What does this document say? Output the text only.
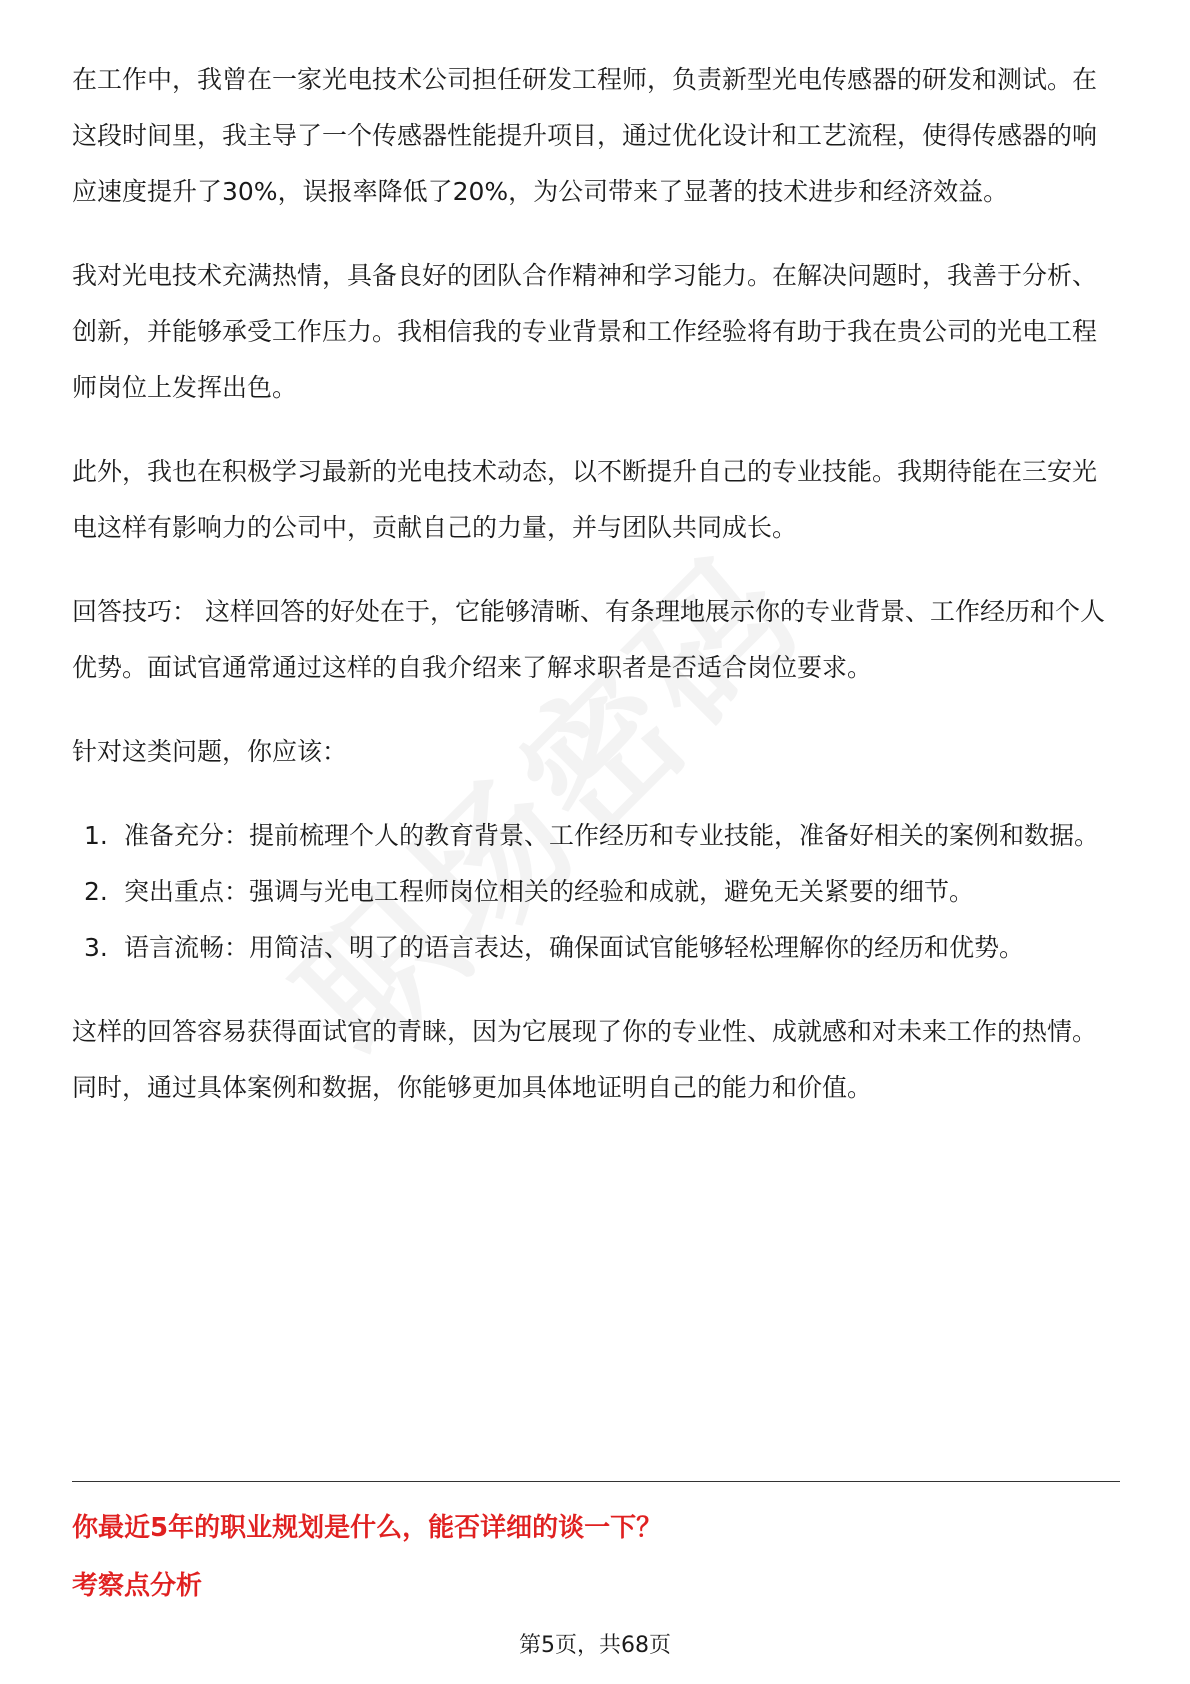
在工作中，我曾在一家光电技术公司担任研发工程师，负责新型光电传感器的研发和测试。在这段时间里，我主导了一个传感器性能提升项目，通过优化设计和工艺流程，使得传感器的响应速度提升了30%，误报率降低了20%，为公司带来了显著的技术进步和经济效益。

我对光电技术充满热情，具备良好的团队合作精神和学习能力。在解决问题时，我善于分析、创新，并能够承受工作压力。我相信我的专业背景和工作经验将有助于我在贵公司的光电工程师岗位上发挥出色。

此外，我也在积极学习最新的光电技术动态，以不断提升自己的专业技能。我期待能在三安光电这样有影响力的公司中，贡献自己的力量，并与团队共同成长。

回答技巧： 这样回答的好处在于，它能够清晰、有条理地展示你的专业背景、工作经历和个人优势。面试官通常通过这样的自我介绍来了解求职者是否适合岗位要求。

针对这类问题，你应该：

1. 准备充分：提前梳理个人的教育背景、工作经历和专业技能，准备好相关的案例和数据。
2. 突出重点：强调与光电工程师岗位相关的经验和成就，避免无关紧要的细节。
3. 语言流畅：用简洁、明了的语言表达，确保面试官能够轻松理解你的经历和优势。

这样的回答容易获得面试官的青睐，因为它展现了你的专业性、成就感和对未来工作的热情。同时，通过具体案例和数据，你能够更加具体地证明自己的能力和价值。

你最近5年的职业规划是什么，能否详细的谈一下？
考察点分析
第5页，共68页
